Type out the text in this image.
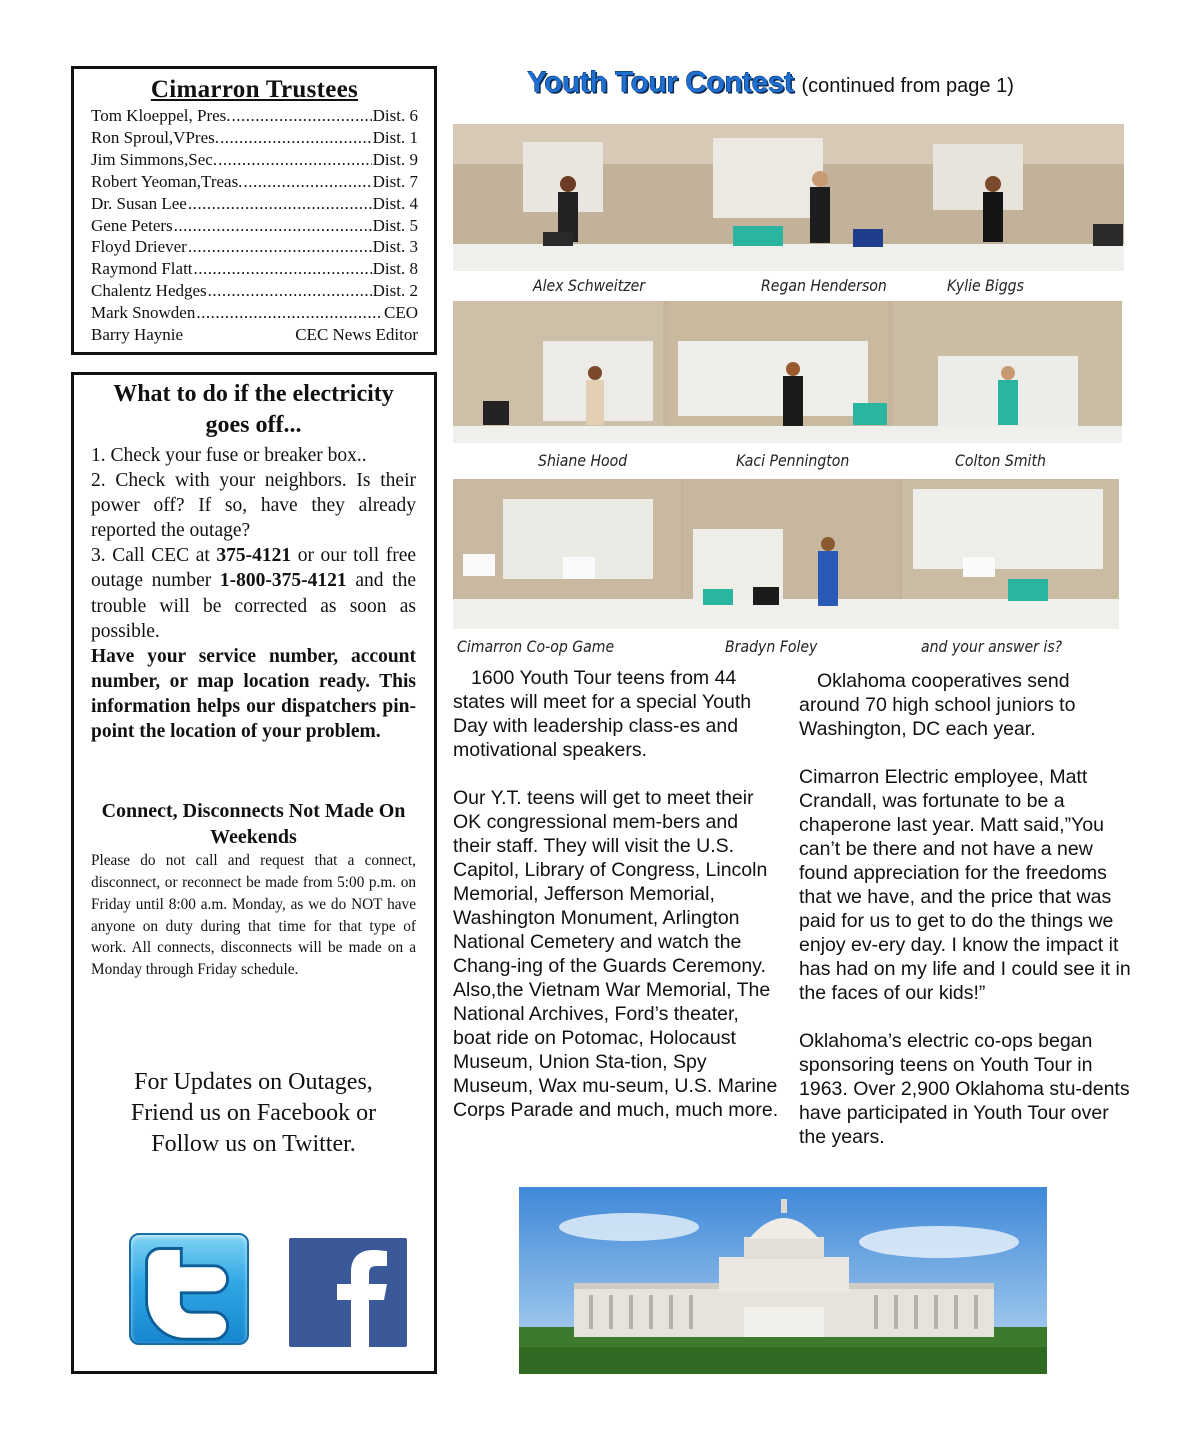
Cimarron Trustees
Tom Kloeppel, Pres. .....	Dist. 6
Ron Sproul,VPres. .....	Dist. 1
Jim Simmons,Sec. .....	Dist. 9
Robert Yeoman,Treas. .....	Dist. 7
Dr. Susan Lee .....	Dist. 4
Gene Peters .....	Dist. 5
Floyd Driever .....	Dist. 3
Raymond Flatt .....	Dist. 8
Chalentz Hedges .....	Dist. 2
Mark Snowden .....	CEO
Barry Haynie	CEC News Editor
What to do if the electricity goes off...
1. Check your fuse or breaker box..
2. Check with your neighbors. Is their power off? If so, have they already reported the outage?
3. Call CEC at 375-4121 or our toll free outage number 1-800-375-4121 and the trouble will be corrected as soon as possible.
Have your service number, account number, or map location ready. This information helps our dispatchers pin-point the location of your problem.
Connect, Disconnects Not Made On Weekends
Please do not call and request that a connect, disconnect, or reconnect be made from 5:00 p.m. on Friday until 8:00 a.m. Monday, as we do NOT have anyone on duty during that time for that type of work. All connects, disconnects will be made on a Monday through Friday schedule.
For Updates on Outages, Friend us on Facebook or Follow us on Twitter.
Youth Tour Contest (continued from page 1)
Alex Schweitzer	Regan Henderson	Kylie Biggs
Shiane Hood	Kaci Pennington	Colton Smith
Cimarron Co-op Game	Bradyn Foley	and your answer is?

1600 Youth Tour teens from 44 states will meet for a special Youth Day with leadership class-es and motivational speakers.

Our Y.T. teens will get to meet their OK congressional mem-bers and their staff. They will visit the U.S. Capitol, Library of Congress, Lincoln Memorial, Jefferson Memorial, Washington Monument, Arlington National Cemetery and watch the Chang-ing of the Guards Ceremony. Also,the Vietnam War Memorial, The National Archives, Ford’s theater, boat ride on Potomac, Holocaust Museum, Union Sta-tion, Spy Museum, Wax mu-seum, U.S. Marine Corps Parade and much, much more.

Oklahoma cooperatives send around 70 high school juniors to Washington, DC each year.

Cimarron Electric employee, Matt Crandall, was fortunate to be a chaperone last year. Matt said,”You can’t be there and not have a new found appreciation for the freedoms that we have, and the price that was paid for us to get to do the things we enjoy ev-ery day. I know the impact it has had on my life and I could see it in the faces of our kids!”

Oklahoma’s electric co-ops began sponsoring teens on Youth Tour in 1963. Over 2,900 Oklahoma stu-dents have participated in Youth Tour over the years.
